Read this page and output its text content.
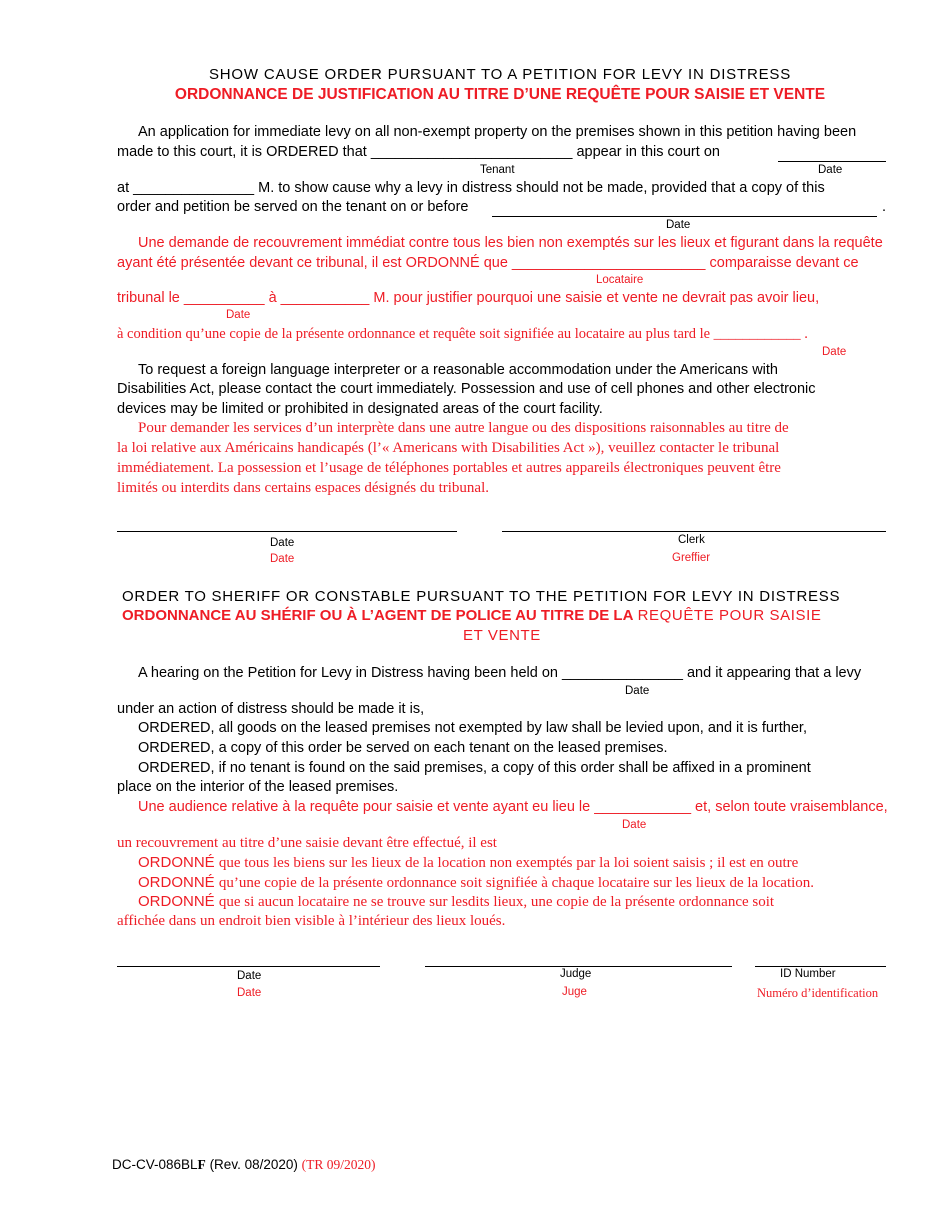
SHOW CAUSE ORDER PURSUANT TO A PETITION FOR LEVY IN DISTRESS
ORDONNANCE DE JUSTIFICATION AU TITRE D’UNE REQUÊTE POUR SAISIE ET VENTE
An application for immediate levy on all non-exempt property on the premises shown in this petition having been
made to this court, it is ORDERED that _________________________ appear in this court on
Tenant	Date
at _______________ M. to show cause why a levy in distress should not be made, provided that a copy of this
order and petition be served on the tenant on or before	.
Date
Une demande de recouvrement immédiat contre tous les bien non exemptés sur les lieux et figurant dans la requête
ayant été présentée devant ce tribunal, il est ORDONNÉ que ________________________ comparaisse devant ce
Locataire
tribunal le __________ à ___________ M. pour justifier pourquoi une saisie et vente ne devrait pas avoir lieu,
Date
à condition qu’une copie de la présente ordonnance et requête soit signifiée au locataire au plus tard le ____________ .
Date
To request a foreign language interpreter or a reasonable accommodation under the Americans with
Disabilities Act, please contact the court immediately. Possession and use of cell phones and other electronic
devices may be limited or prohibited in designated areas of the court facility.
Pour demander les services d’un interprète dans une autre langue ou des dispositions raisonnables au titre de
la loi relative aux Américains handicapés (l’« Americans with Disabilities Act »), veuillez contacter le tribunal
immédiatement. La possession et l’usage de téléphones portables et autres appareils électroniques peuvent être
limités ou interdits dans certains espaces désignés du tribunal.
Date
Date
Clerk
Greffier
ORDER TO SHERIFF OR CONSTABLE PURSUANT TO THE PETITION FOR LEVY IN DISTRESS
ORDONNANCE AU SHÉRIF OU À L’AGENT DE POLICE AU TITRE DE LA REQUÊTE POUR SAISIE
ET VENTE
A hearing on the Petition for Levy in Distress having been held on _______________ and it appearing that a levy
Date
under an action of distress should be made it is,
ORDERED, all goods on the leased premises not exempted by law shall be levied upon, and it is further,
ORDERED, a copy of this order be served on each tenant on the leased premises.
ORDERED, if no tenant is found on the said premises, a copy of this order shall be affixed in a prominent
place on the interior of the leased premises.
Une audience relative à la requête pour saisie et vente ayant eu lieu le ____________ et, selon toute vraisemblance,
Date
un recouvrement au titre d’une saisie devant être effectué, il est
ORDONNÉ que tous les biens sur les lieux de la location non exemptés par la loi soient saisis ; il est en outre
ORDONNÉ qu’une copie de la présente ordonnance soit signifiée à chaque locataire sur les lieux de la location.
ORDONNÉ que si aucun locataire ne se trouve sur lesdits lieux, une copie de la présente ordonnance soit
affichée dans un endroit bien visible à l’intérieur des lieux loués.
Date
Date
Judge
Juge
ID Number
Numéro d’identification
DC-CV-086BLF (Rev. 08/2020) (TR 09/2020)
